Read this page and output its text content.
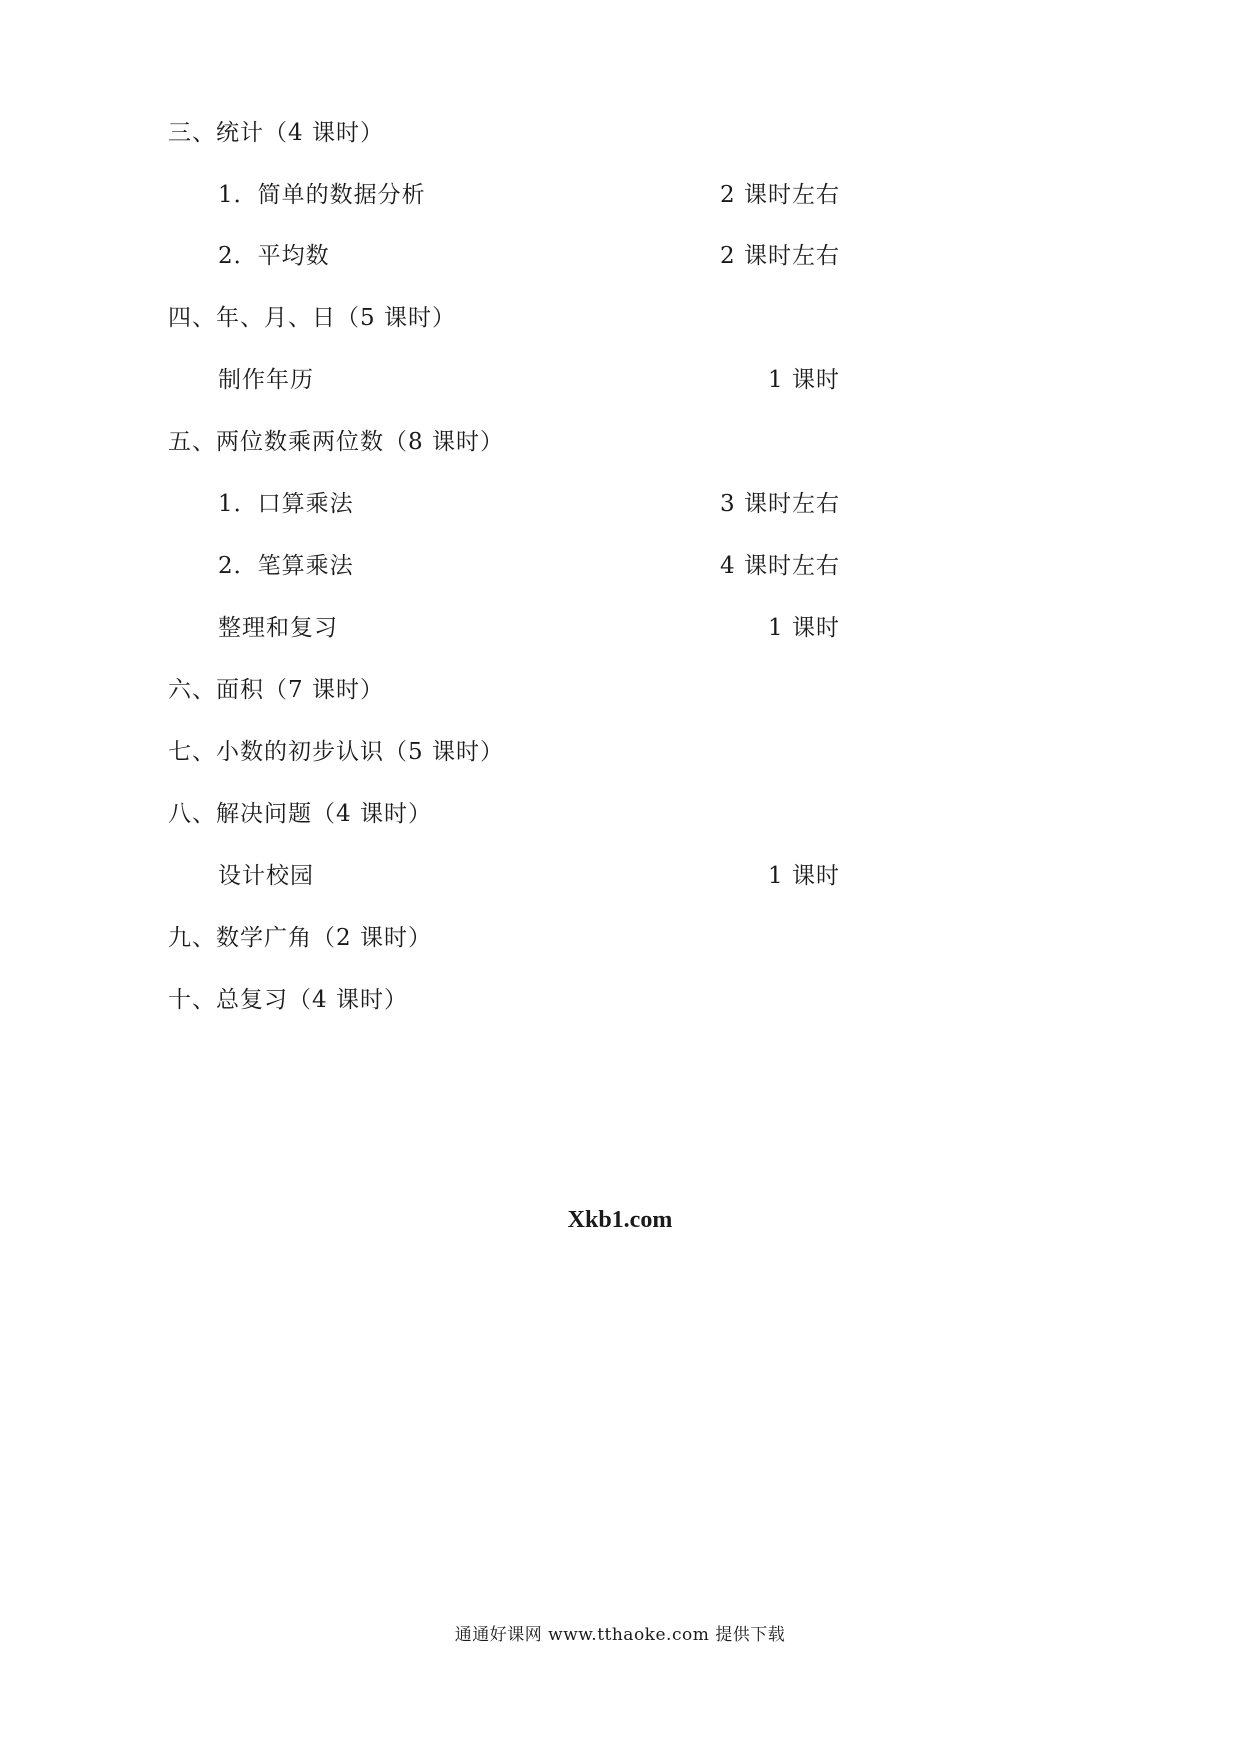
三、统计（4 课时）
1．简单的数据分析	2 课时左右
2．平均数	2 课时左右
四、年、月、日（5 课时）
制作年历	1 课时
五、两位数乘两位数（8 课时）
1．口算乘法	3 课时左右
2．笔算乘法	4 课时左右
整理和复习	1 课时
六、面积（7 课时）
七、小数的初步认识（5 课时）
八、解决问题（4 课时）
设计校园	1 课时
九、数学广角（2 课时）
十、总复习（4 课时）
Xkb1.com
通通好课网 www.tthaoke.com 提供下载
